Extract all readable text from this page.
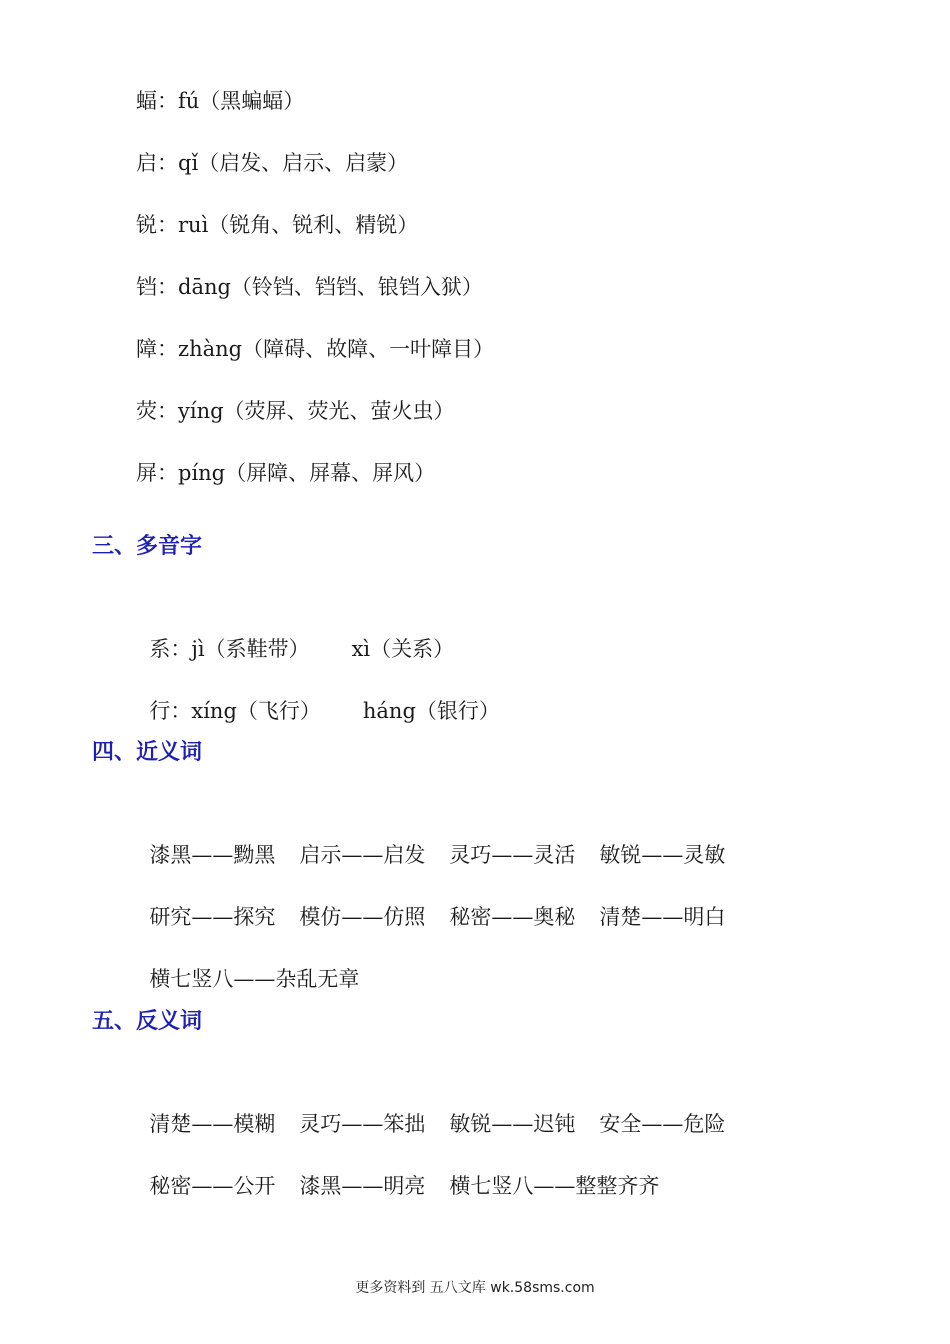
蝠：fú（黑蝙蝠）
启：qǐ（启发、启示、启蒙）
锐：ruì（锐角、锐利、精锐）
铛：dāng（铃铛、铛铛、锒铛入狱）
障：zhàng（障碍、故障、一叶障目）
荧：yíng（荧屏、荧光、萤火虫）
屏：píng（屏障、屏幕、屏风）
三、多音字

系：jì（系鞋带） xì（关系）

行：xíng（飞行） háng（银行）

四、近义词

漆黑——黝黑 启示——启发 灵巧——灵活 敏锐——灵敏

研究——探究 模仿——仿照 秘密——奥秘 清楚——明白

横七竖八——杂乱无章

五、反义词

清楚——模糊 灵巧——笨拙 敏锐——迟钝 安全——危险

秘密——公开 漆黑——明亮 横七竖八——整整齐齐

更多资料到 五八文库 wk.58sms.com
